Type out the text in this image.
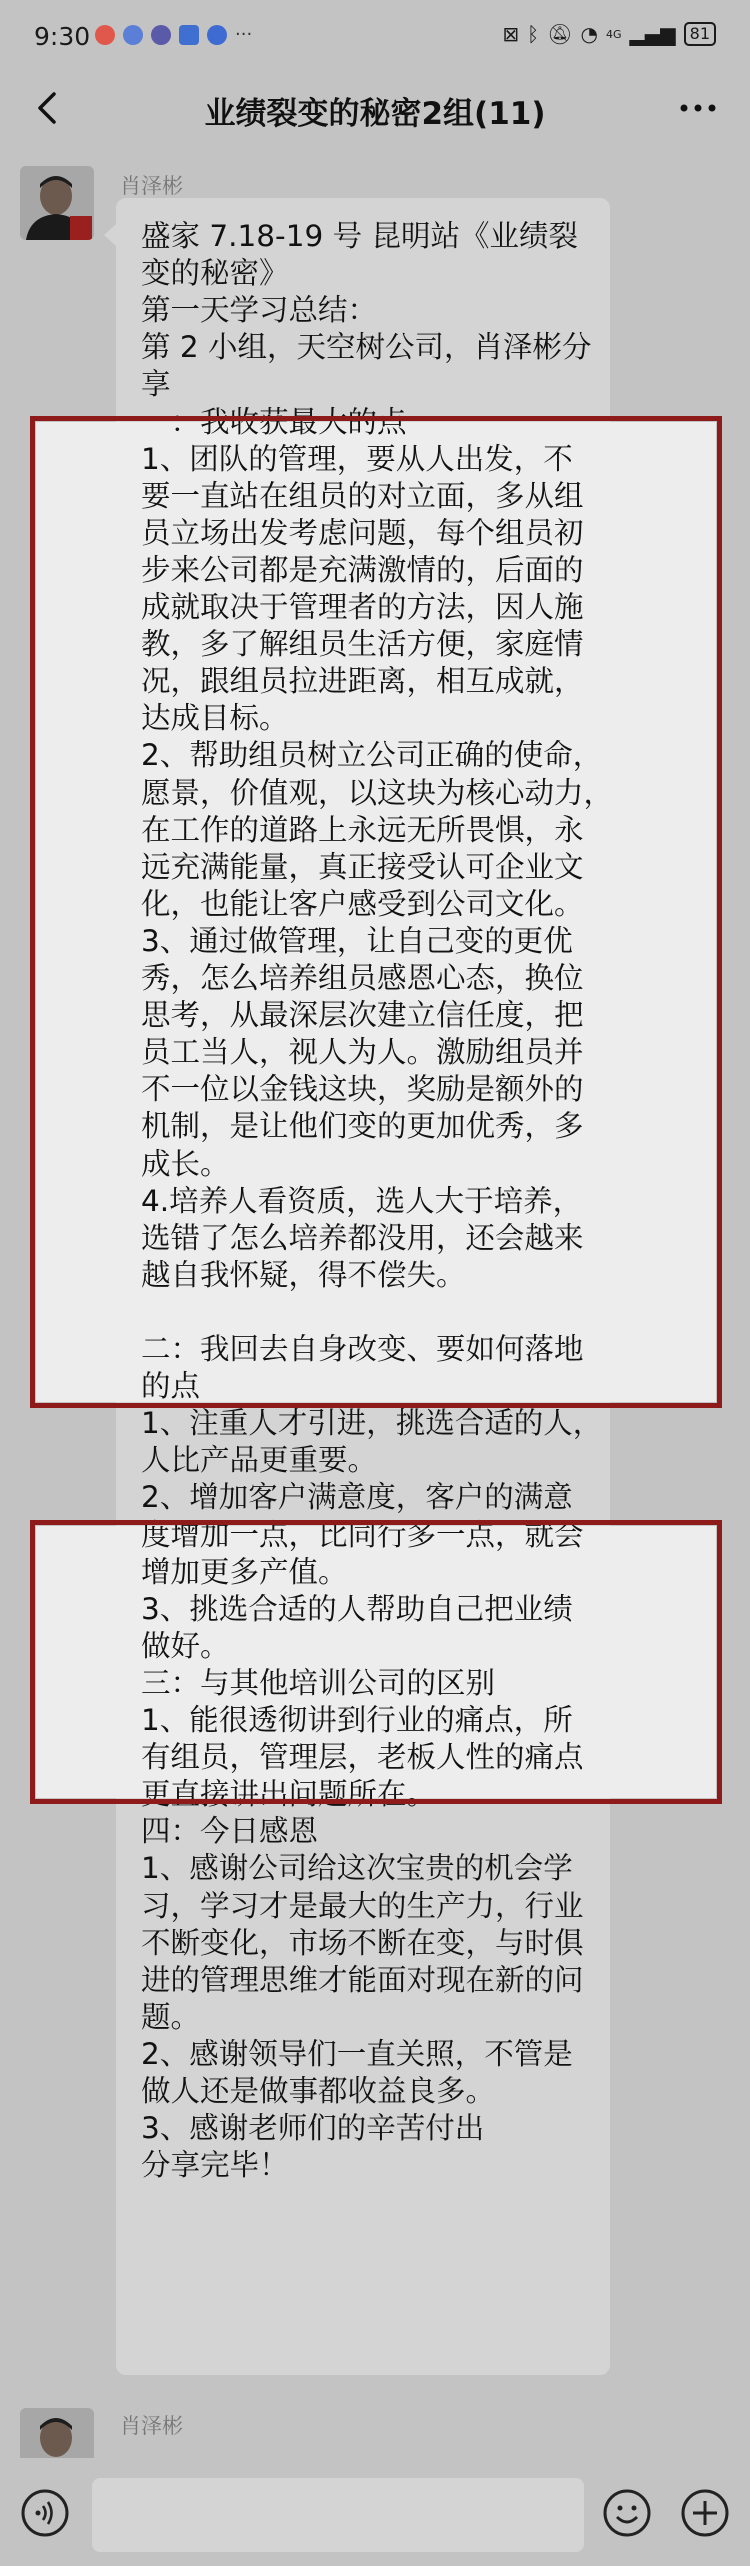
9:30	···	⊠ ᛒ 🔕︎ ◔ 4G ▂▄▆ 81
业绩裂变的秘密2组(11)
肖泽彬
盛家 7.18-19 号 昆明站《业绩裂
变的秘密》
第一天学习总结：
第 2 小组，天空树公司，肖泽彬分
享
一：我收获最大的点
1、团队的管理，要从人出发，不
要一直站在组员的对立面，多从组
员立场出发考虑问题，每个组员初
步来公司都是充满激情的，后面的
成就取决于管理者的方法，因人施
教，多了解组员生活方便，家庭情
况，跟组员拉进距离，相互成就，
达成目标。
2、帮助组员树立公司正确的使命，
愿景，价值观，以这块为核心动力，
在工作的道路上永远无所畏惧，永
远充满能量，真正接受认可企业文
化，也能让客户感受到公司文化。
3、通过做管理，让自己变的更优
秀，怎么培养组员感恩心态，换位
思考，从最深层次建立信任度，把
员工当人，视人为人。激励组员并
不一位以金钱这块，奖励是额外的
机制，是让他们变的更加优秀，多
成长。
4.培养人看资质，选人大于培养，
选错了怎么培养都没用，还会越来
越自我怀疑，得不偿失。
二：我回去自身改变、要如何落地
的点
1、注重人才引进，挑选合适的人，
人比产品更重要。
2、增加客户满意度，客户的满意
度增加一点，比同行多一点，就会
增加更多产值。
3、挑选合适的人帮助自己把业绩
做好。
三：与其他培训公司的区别
1、能很透彻讲到行业的痛点，所
有组员，管理层，老板人性的痛点
更直接讲出问题所在。
四：今日感恩
1、感谢公司给这次宝贵的机会学
习，学习才是最大的生产力，行业
不断变化，市场不断在变，与时俱
进的管理思维才能面对现在新的问
题。
2、感谢领导们一直关照，不管是
做人还是做事都收益良多。
3、感谢老师们的辛苦付出
分享完毕！
肖泽彬
